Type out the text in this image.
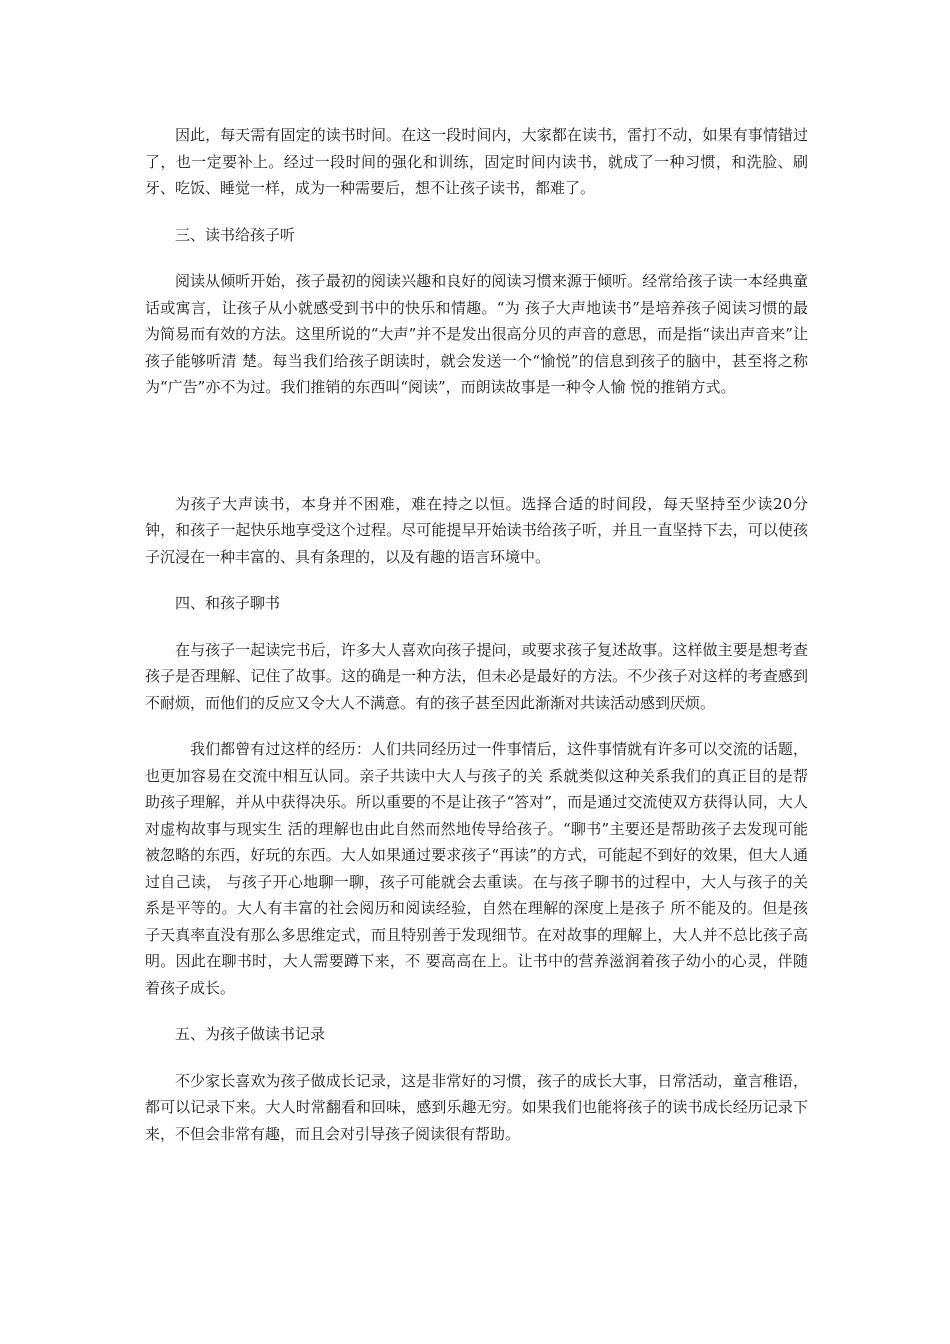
因此，每天需有固定的读书时间。在这一段时间内，大家都在读书，雷打不动，如果有事情错过了，也一定要补上。经过一段时间的强化和训练，固定时间内读书，就成了一种习惯，和洗脸、刷牙、吃饭、睡觉一样，成为一种需要后，想不让孩子读书，都难了。

三、读书给孩子听

阅读从倾听开始，孩子最初的阅读兴趣和良好的阅读习惯来源于倾听。经常给孩子读一本经典童话或寓言，让孩子从小就感受到书中的快乐和情趣。“为 孩子大声地读书”是培养孩子阅读习惯的最为简易而有效的方法。这里所说的“大声”并不是发出很高分贝的声音的意思，而是指“读出声音来”让孩子能够听清 楚。每当我们给孩子朗读时，就会发送一个“愉悦”的信息到孩子的脑中，甚至将之称为“广告”亦不为过。我们推销的东西叫“阅读”，而朗读故事是一种令人愉 悦的推销方式。

为孩子大声读书，本身并不困难，难在持之以恒。选择合适的时间段，每天坚持至少读20分钟，和孩子一起快乐地享受这个过程。尽可能提早开始读书给孩子听，并且一直坚持下去，可以使孩子沉浸在一种丰富的、具有条理的，以及有趣的语言环境中。

四、和孩子聊书

在与孩子一起读完书后，许多大人喜欢向孩子提问，或要求孩子复述故事。这样做主要是想考查孩子是否理解、记住了故事。这的确是一种方法，但未必是最好的方法。不少孩子对这样的考查感到不耐烦，而他们的反应又令大人不满意。有的孩子甚至因此渐渐对共读活动感到厌烦。

我们都曾有过这样的经历：人们共同经历过一件事情后，这件事情就有许多可以交流的话题，也更加容易在交流中相互认同。亲子共读中大人与孩子的关 系就类似这种关系我们的真正目的是帮助孩子理解，并从中获得决乐。所以重要的不是让孩子“答对”，而是通过交流使双方获得认同，大人对虚构故事与现实生 活的理解也由此自然而然地传导给孩子。“聊书”主要还是帮助孩子去发现可能被忽略的东西，好玩的东西。大人如果通过要求孩子“再读”的方式，可能起不到好的效果，但大人通过自己读， 与孩子开心地聊一聊，孩子可能就会去重读。在与孩子聊书的过程中，大人与孩子的关系是平等的。大人有丰富的社会阅历和阅读经验，自然在理解的深度上是孩子 所不能及的。但是孩子天真率直没有那么多思维定式，而且特别善于发现细节。在对故事的理解上，大人并不总比孩子高明。因此在聊书时，大人需要蹲下来，不 要高高在上。让书中的营养滋润着孩子幼小的心灵，伴随着孩子成长。

五、为孩子做读书记录

不少家长喜欢为孩子做成长记录，这是非常好的习惯，孩子的成长大事，日常活动，童言稚语，都可以记录下来。大人时常翻看和回味，感到乐趣无穷。如果我们也能将孩子的读书成长经历记录下来，不但会非常有趣，而且会对引导孩子阅读很有帮助。
